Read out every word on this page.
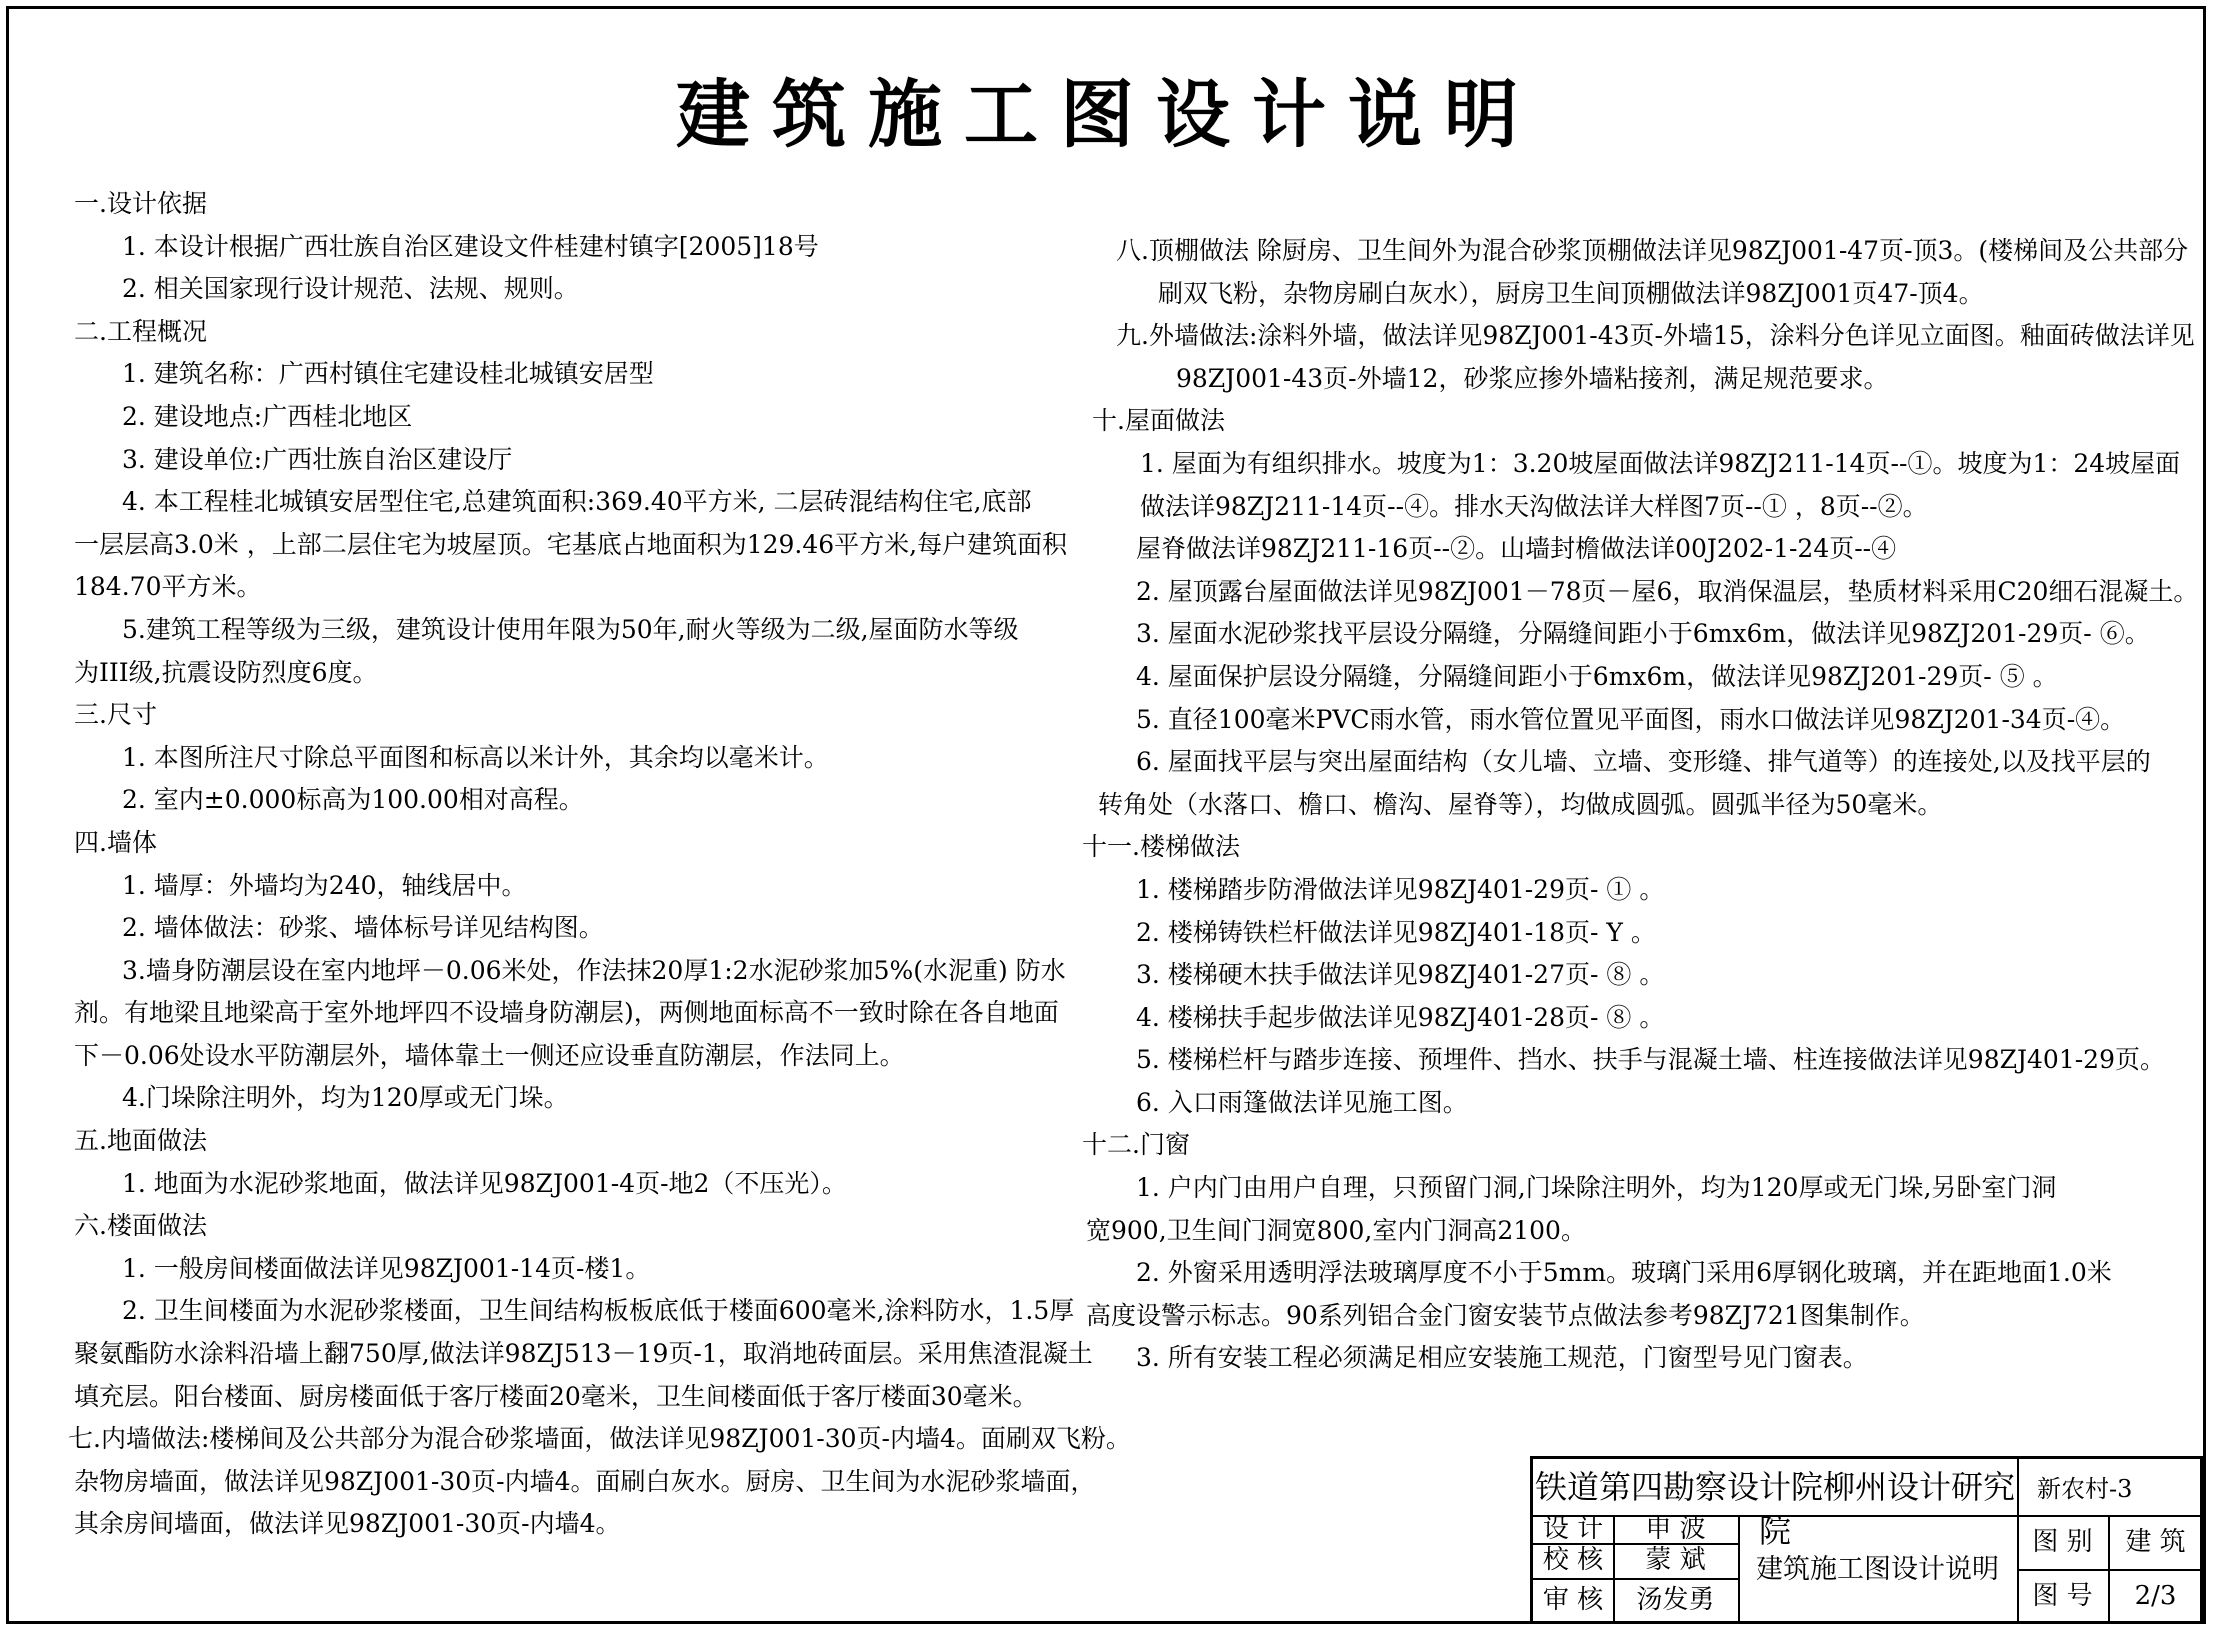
建筑施工图设计说明
一.设计依据
1. 本设计根据广西壮族自治区建设文件桂建村镇字[2005]18号
2. 相关国家现行设计规范、法规、规则。
二.工程概况
1. 建筑名称：广西村镇住宅建设桂北城镇安居型
2. 建设地点:广西桂北地区
3. 建设单位:广西壮族自治区建设厅
4. 本工程桂北城镇安居型住宅,总建筑面积:369.40平方米, 二层砖混结构住宅,底部
一层层高3.0米 ，上部二层住宅为坡屋顶。宅基底占地面积为129.46平方米,每户建筑面积
184.70平方米。
5.建筑工程等级为三级，建筑设计使用年限为50年,耐火等级为二级,屋面防水等级
为III级,抗震设防烈度6度。
三.尺寸
1. 本图所注尺寸除总平面图和标高以米计外，其余均以毫米计。
2. 室内±0.000标高为100.00相对高程。
四.墙体
1. 墙厚：外墙均为240，轴线居中。
2. 墙体做法：砂浆、墙体标号详见结构图。
3.墙身防潮层设在室内地坪－0.06米处，作法抹20厚1:2水泥砂浆加5%(水泥重) 防水
剂。有地梁且地梁高于室外地坪四不设墙身防潮层)，两侧地面标高不一致时除在各自地面
下－0.06处设水平防潮层外，墙体靠土一侧还应设垂直防潮层，作法同上。
4.门垛除注明外，均为120厚或无门垛。
五.地面做法
1. 地面为水泥砂浆地面，做法详见98ZJ001-4页-地2（不压光）。
六.楼面做法
1. 一般房间楼面做法详见98ZJ001-14页-楼1。
2. 卫生间楼面为水泥砂浆楼面，卫生间结构板板底低于楼面600毫米,涂料防水，1.5厚
聚氨酯防水涂料沿墙上翻750厚,做法详98ZJ513－19页-1，取消地砖面层。采用焦渣混凝土
填充层。阳台楼面、厨房楼面低于客厅楼面20毫米，卫生间楼面低于客厅楼面30毫米。
七.内墙做法:楼梯间及公共部分为混合砂浆墙面，做法详见98ZJ001-30页-内墙4。面刷双飞粉。
杂物房墙面，做法详见98ZJ001-30页-内墙4。面刷白灰水。厨房、卫生间为水泥砂浆墙面，
其余房间墙面，做法详见98ZJ001-30页-内墙4。
八.顶棚做法 除厨房、卫生间外为混合砂浆顶棚做法详见98ZJ001-47页-顶3。(楼梯间及公共部分
刷双飞粉，杂物房刷白灰水），厨房卫生间顶棚做法详98ZJ001页47-顶4。
九.外墙做法:涂料外墙，做法详见98ZJ001-43页-外墙15，涂料分色详见立面图。釉面砖做法详见
98ZJ001-43页-外墙12，砂浆应掺外墙粘接剂，满足规范要求。
十.屋面做法
1. 屋面为有组织排水。坡度为1：3.20坡屋面做法详98ZJ211-14页--①。坡度为1：24坡屋面
做法详98ZJ211-14页--④。排水天沟做法详大样图7页--① ，8页--②。
屋脊做法详98ZJ211-16页--②。山墙封檐做法详00J202-1-24页--④
2. 屋顶露台屋面做法详见98ZJ001－78页－屋6，取消保温层，垫质材料采用C20细石混凝土。
3. 屋面水泥砂浆找平层设分隔缝，分隔缝间距小于6mx6m，做法详见98ZJ201-29页- ⑥。
4. 屋面保护层设分隔缝，分隔缝间距小于6mx6m，做法详见98ZJ201-29页- ⑤ 。
5. 直径100毫米PVC雨水管，雨水管位置见平面图，雨水口做法详见98ZJ201-34页-④。
6. 屋面找平层与突出屋面结构（女儿墙、立墙、变形缝、排气道等）的连接处,以及找平层的
转角处（水落口、檐口、檐沟、屋脊等），均做成圆弧。圆弧半径为50毫米。
十一.楼梯做法
1. 楼梯踏步防滑做法详见98ZJ401-29页- ① 。
2. 楼梯铸铁栏杆做法详见98ZJ401-18页- Y 。
3. 楼梯硬木扶手做法详见98ZJ401-27页- ⑧ 。
4. 楼梯扶手起步做法详见98ZJ401-28页- ⑧ 。
5. 楼梯栏杆与踏步连接、预埋件、挡水、扶手与混凝土墙、柱连接做法详见98ZJ401-29页。
6. 入口雨篷做法详见施工图。
十二.门窗
1. 户内门由用户自理，只预留门洞,门垛除注明外，均为120厚或无门垛,另卧室门洞
宽900,卫生间门洞宽800,室内门洞高2100。
2. 外窗采用透明浮法玻璃厚度不小于5mm。玻璃门采用6厚钢化玻璃，并在距地面1.0米
高度设警示标志。90系列铝合金门窗安装节点做法参考98ZJ721图集制作。
3. 所有安装工程必须满足相应安装施工规范，门窗型号见门窗表。
铁道第四勘察设计院柳州设计研究院
新农村-3
设 计	申 波
校 核	蒙 斌
审 核	汤发勇
建筑施工图设计说明
图 别	建 筑
图 号	2/3
